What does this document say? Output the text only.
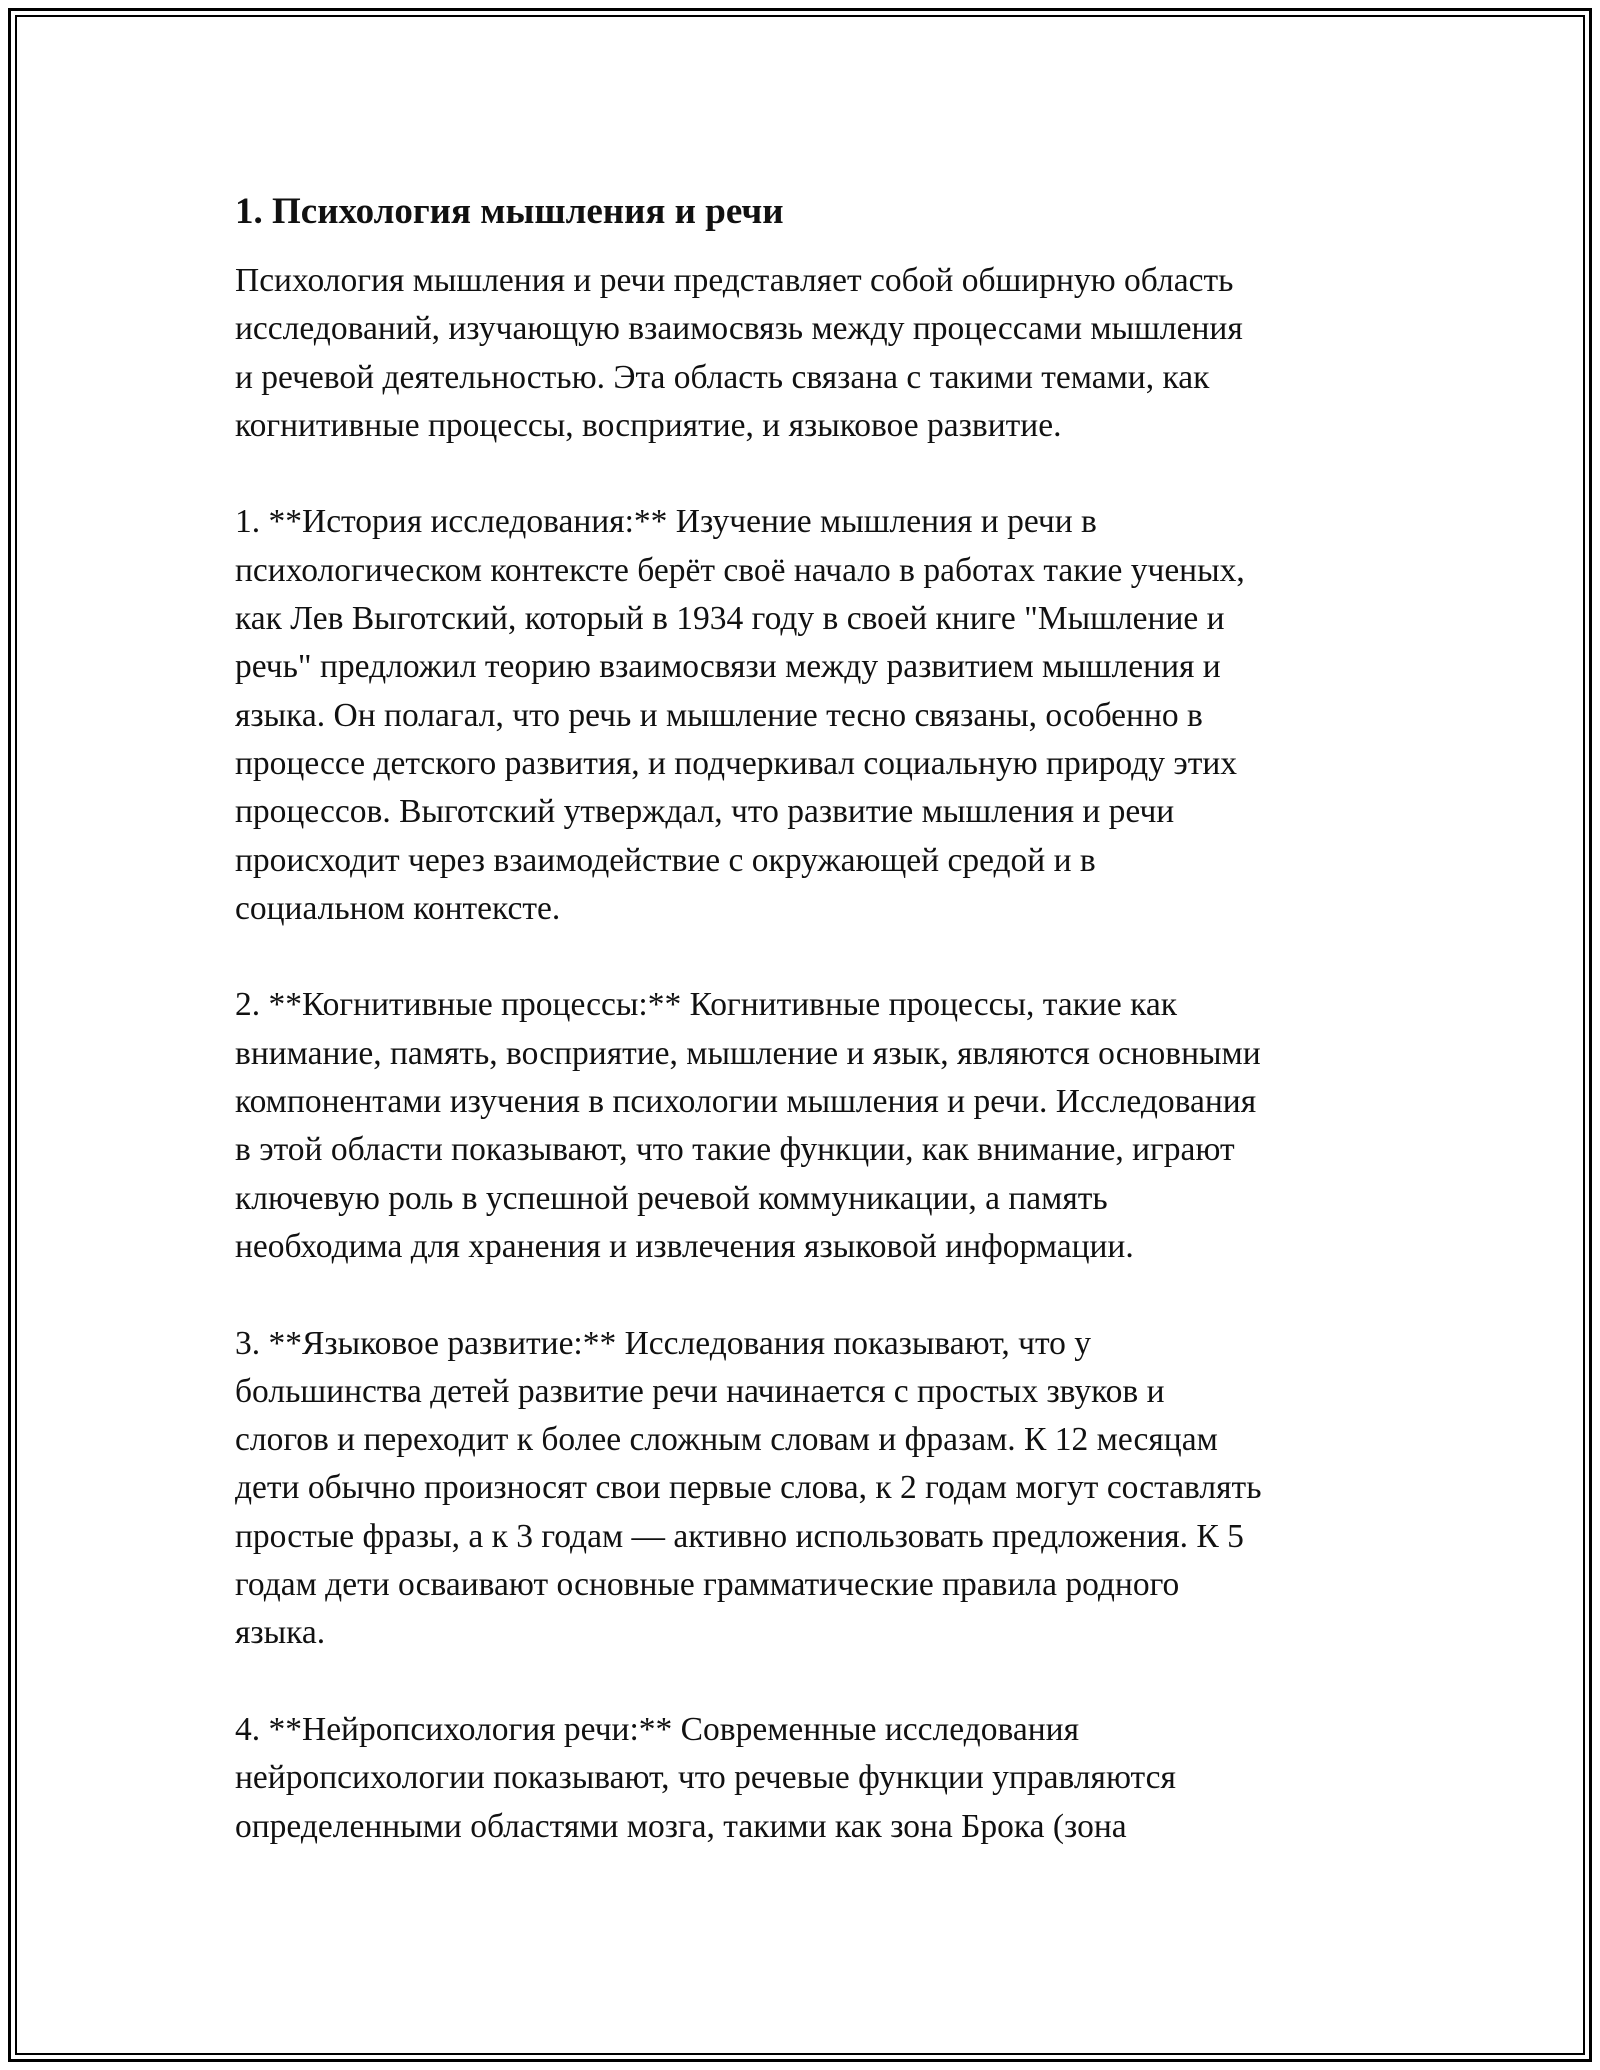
1. Психология мышления и речи

Психология мышления и речи представляет собой обширную область
исследований, изучающую взаимосвязь между процессами мышления
и речевой деятельностью. Эта область связана с такими темами, как
когнитивные процессы, восприятие, и языковое развитие.

1. **История исследования:** Изучение мышления и речи в
психологическом контексте берёт своё начало в работах такие ученых,
как Лев Выготский, который в 1934 году в своей книге "Мышление и
речь" предложил теорию взаимосвязи между развитием мышления и
языка. Он полагал, что речь и мышление тесно связаны, особенно в
процессе детского развития, и подчеркивал социальную природу этих
процессов. Выготский утверждал, что развитие мышления и речи
происходит через взаимодействие с окружающей средой и в
социальном контексте.

2. **Когнитивные процессы:** Когнитивные процессы, такие как
внимание, память, восприятие, мышление и язык, являются основными
компонентами изучения в психологии мышления и речи. Исследования
в этой области показывают, что такие функции, как внимание, играют
ключевую роль в успешной речевой коммуникации, а память
необходима для хранения и извлечения языковой информации.

3. **Языковое развитие:** Исследования показывают, что у
большинства детей развитие речи начинается с простых звуков и
слогов и переходит к более сложным словам и фразам. К 12 месяцам
дети обычно произносят свои первые слова, к 2 годам могут составлять
простые фразы, а к 3 годам — активно использовать предложения. К 5
годам дети осваивают основные грамматические правила родного
языка.

4. **Нейропсихология речи:** Современные исследования
нейропсихологии показывают, что речевые функции управляются
определенными областями мозга, такими как зона Брока (зона
